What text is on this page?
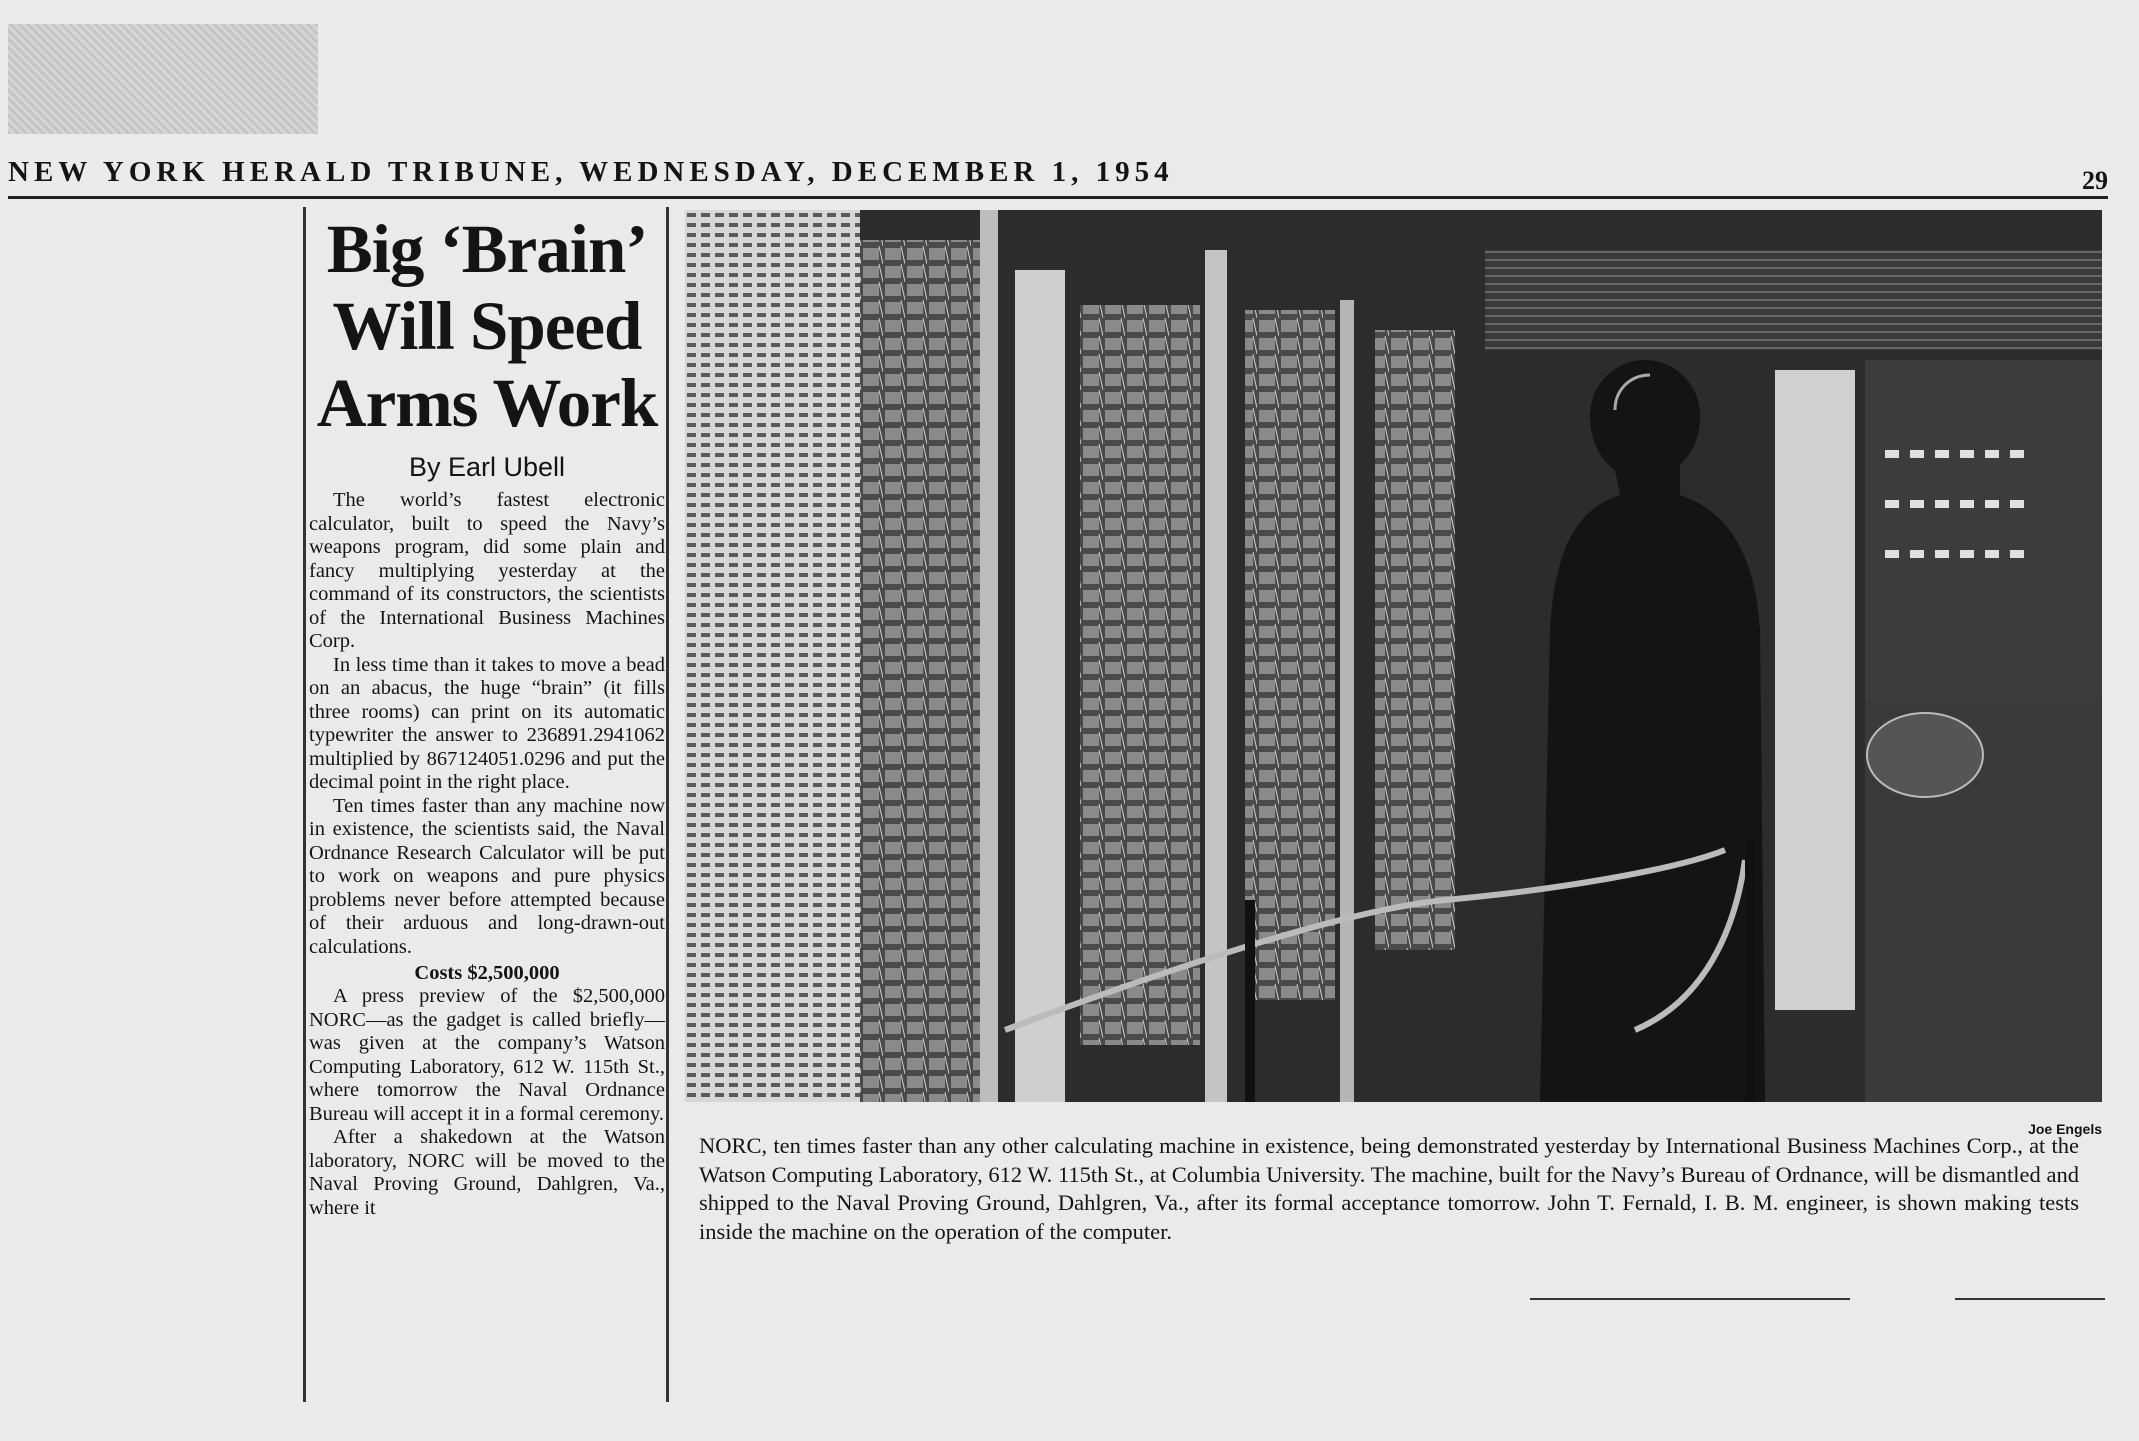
NEW YORK HERALD TRIBUNE, WEDNESDAY, DECEMBER 1, 1954	29
Big ‘Brain’
Will Speed
Arms Work
By Earl Ubell

The world’s fastest electronic calculator, built to speed the Navy’s weapons program, did some plain and fancy multiplying yesterday at the command of its constructors, the scientists of the International Business Machines Corp.

In less time than it takes to move a bead on an abacus, the huge “brain” (it fills three rooms) can print on its automatic typewriter the answer to 236891.2941062 multiplied by 867124051.0296 and put the decimal point in the right place.

Ten times faster than any machine now in existence, the scientists said, the Naval Ordnance Research Calculator will be put to work on weapons and pure physics problems never before attempted because of their arduous and long-drawn-out calculations.

Costs $2,500,000

A press preview of the $2,500,000 NORC—as the gadget is called briefly—was given at the company’s Watson Computing Laboratory, 612 W. 115th St., where tomorrow the Naval Ordnance Bureau will accept it in a formal ceremony.

After a shakedown at the Watson laboratory, NORC will be moved to the Naval Proving Ground, Dahlgren, Va., where it

Joe Engels
NORC, ten times faster than any other calculating machine in existence, being demonstrated yesterday by International Business Machines Corp., at the Watson Computing Laboratory, 612 W. 115th St., at Columbia University. The machine, built for the Navy’s Bureau of Ordnance, will be dismantled and shipped to the Naval Proving Ground, Dahlgren, Va., after its formal acceptance tomorrow. John T. Fernald, I. B. M. engineer, is shown making tests inside the machine on the operation of the computer.
